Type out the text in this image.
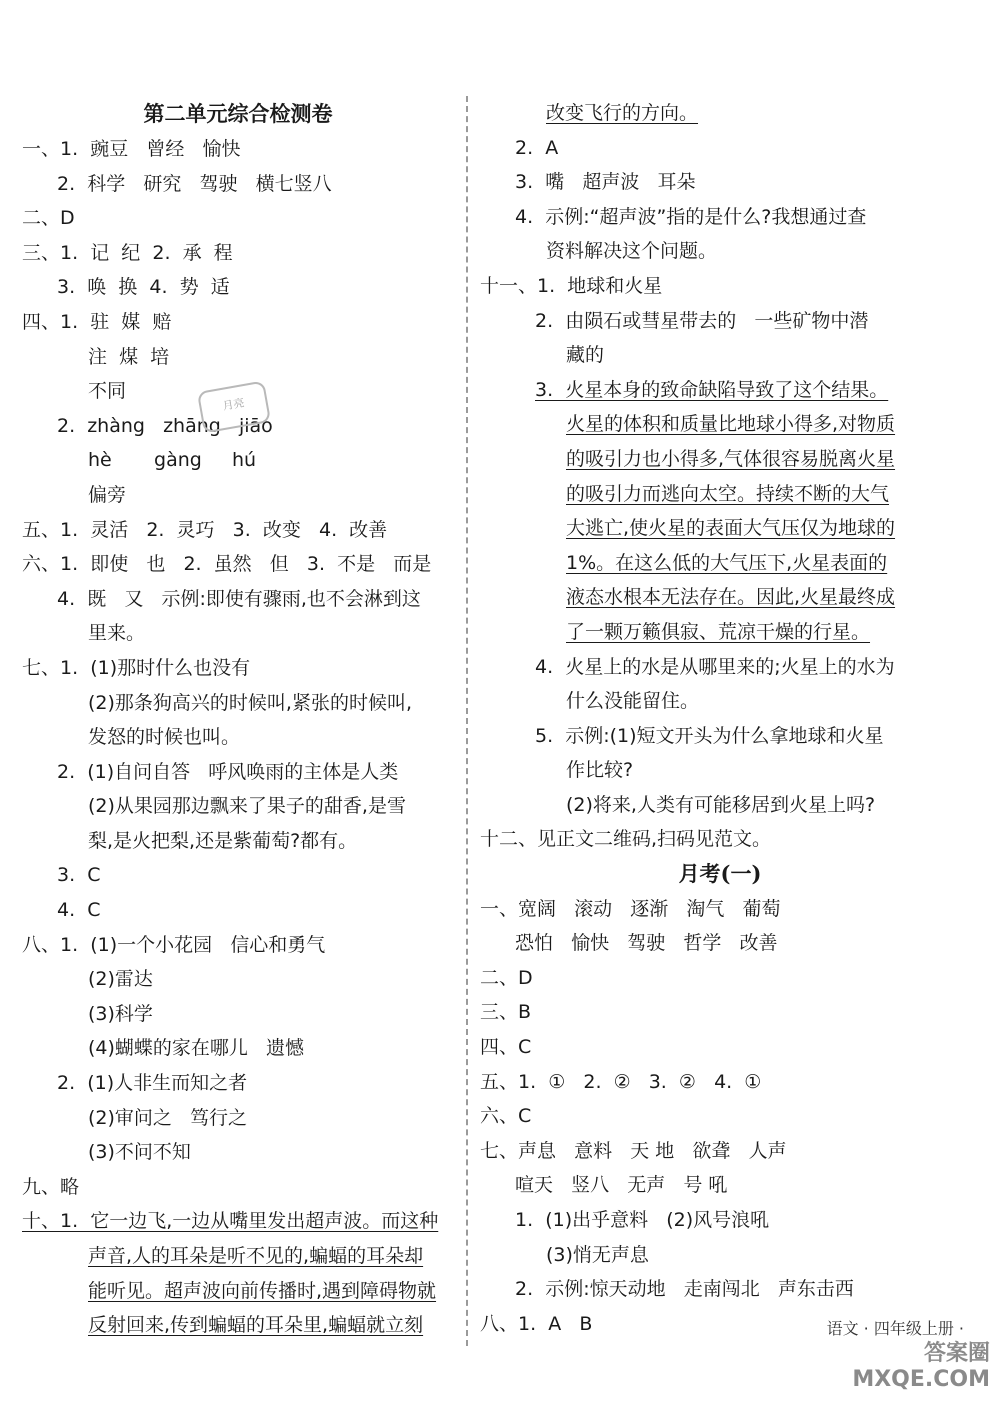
第二单元综合检测卷
一、1.  豌豆   曾经   愉快
2.  科学   研究   驾驶   横七竖八
二、D
三、1.  记  纪  2.  承  程
3.  唤  换  4.  势  适
四、1.  驻  媒  赔
注  煤  培
不同
2.  zhàng   zhāng   jiāo
hè       gàng     hú
偏旁
五、1.  灵活   2.  灵巧   3.  改变   4.  改善
六、1.  即使   也   2.  虽然   但   3.  不是   而是
4.  既   又   示例:即使有骤雨,也不会淋到这
里来。
七、1.  (1)那时什么也没有
(2)那条狗高兴的时候叫,紧张的时候叫,
发怒的时候也叫。
2.  (1)自问自答   呼风唤雨的主体是人类
(2)从果园那边飘来了果子的甜香,是雪
梨,是火把梨,还是紫葡萄?都有。
3.  C
4.  C
八、1.  (1)一个小花园   信心和勇气
(2)雷达
(3)科学
(4)蝴蝶的家在哪儿   遗憾
2.  (1)人非生而知之者
(2)审问之   笃行之
(3)不问不知
九、略
十、1.  它一边飞,一边从嘴里发出超声波。而这种
声音,人的耳朵是听不见的,蝙蝠的耳朵却
能听见。超声波向前传播时,遇到障碍物就
反射回来,传到蝙蝠的耳朵里,蝙蝠就立刻
改变飞行的方向。
2.  A
3.  嘴   超声波   耳朵
4.  示例:“超声波”指的是什么?我想通过查
资料解决这个问题。
十一、1.  地球和火星
2.  由陨石或彗星带去的   一些矿物中潜
藏的
3.  火星本身的致命缺陷导致了这个结果。
火星的体积和质量比地球小得多,对物质
的吸引力也小得多,气体很容易脱离火星
的吸引力而逃向太空。持续不断的大气
大逃亡,使火星的表面大气压仅为地球的
1%。在这么低的大气压下,火星表面的
液态水根本无法存在。因此,火星最终成
了一颗万籁俱寂、荒凉干燥的行星。
4.  火星上的水是从哪里来的;火星上的水为
什么没能留住。
5.  示例:(1)短文开头为什么拿地球和火星
作比较?
(2)将来,人类有可能移居到火星上吗?
十二、见正文二维码,扫码见范文。
月考(一)
一、宽阔   滚动   逐渐   淘气   葡萄
恐怕   愉快   驾驶   哲学   改善
二、D
三、B
四、C
五、1.  ①   2.  ②   3.  ②   4.  ①
六、C
七、声息   意料   天 地   欲聋   人声
喧天   竖八   无声   号 吼
1.  (1)出乎意料   (2)风号浪吼
(3)悄无声息
2.  示例:惊天动地   走南闯北   声东击西
八、1.  A   B
月亮
语文 · 四年级上册 ·
答案圈
MXQE.COM
